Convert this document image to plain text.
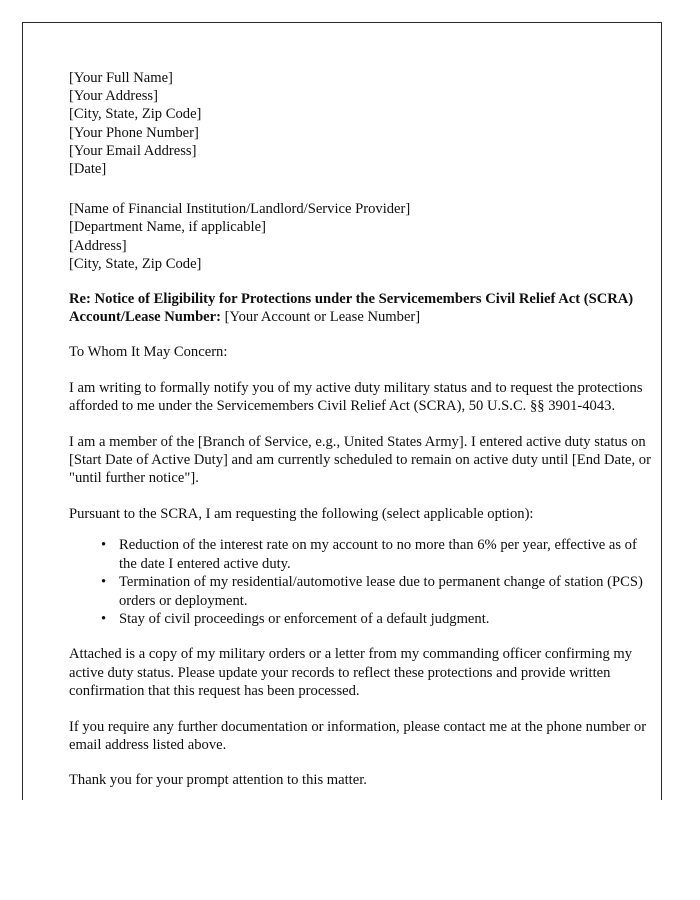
[Your Full Name]
[Your Address]
[City, State, Zip Code]
[Your Phone Number]
[Your Email Address]
[Date]
[Name of Financial Institution/Landlord/Service Provider]
[Department Name, if applicable]
[Address]
[City, State, Zip Code]
Re: Notice of Eligibility for Protections under the Servicemembers Civil Relief Act (SCRA)
Account/Lease Number: [Your Account or Lease Number]

To Whom It May Concern:

I am writing to formally notify you of my active duty military status and to request the protections afforded to me under the Servicemembers Civil Relief Act (SCRA), 50 U.S.C. §§ 3901-4043.

I am a member of the [Branch of Service, e.g., United States Army]. I entered active duty status on [Start Date of Active Duty] and am currently scheduled to remain on active duty until [End Date, or "until further notice"].

Pursuant to the SCRA, I am requesting the following (select applicable option):

• Reduction of the interest rate on my account to no more than 6% per year, effective as of the date I entered active duty.
• Termination of my residential/automotive lease due to permanent change of station (PCS) orders or deployment.
• Stay of civil proceedings or enforcement of a default judgment.

Attached is a copy of my military orders or a letter from my commanding officer confirming my active duty status. Please update your records to reflect these protections and provide written confirmation that this request has been processed.

If you require any further documentation or information, please contact me at the phone number or email address listed above.

Thank you for your prompt attention to this matter.
